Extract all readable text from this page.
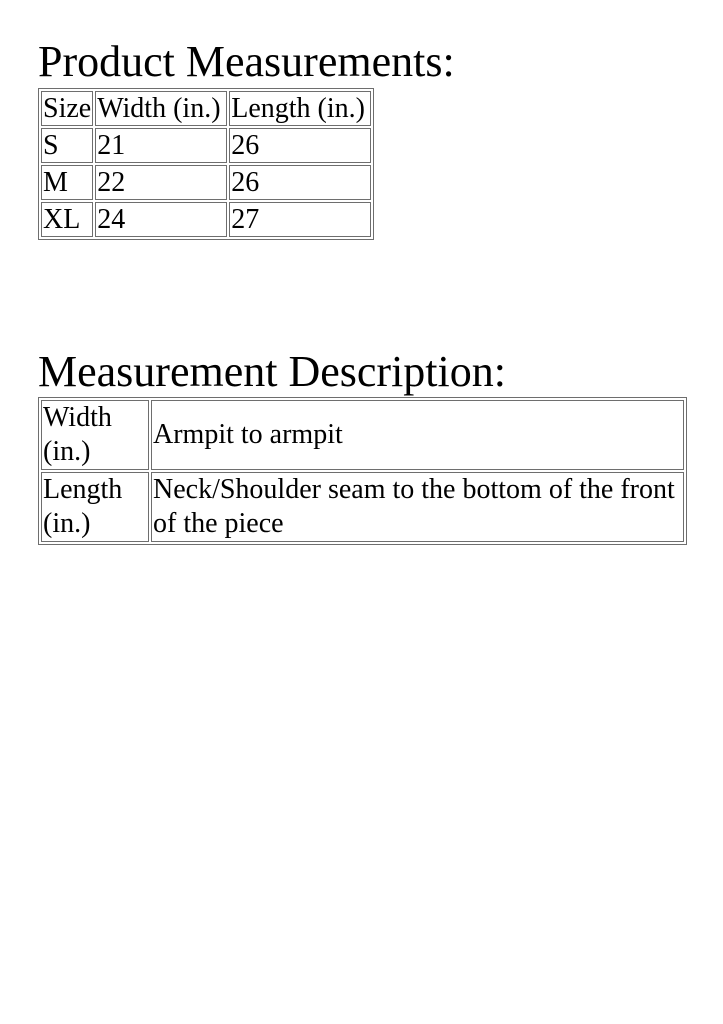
Product Measurements:
Size	Width (in.)	Length (in.)
S	21	26
M	22	26
XL	24	27
Measurement Description:
Width (in.)	Armpit to armpit
Length (in.)	Neck/Shoulder seam to the bottom of the front of the piece
